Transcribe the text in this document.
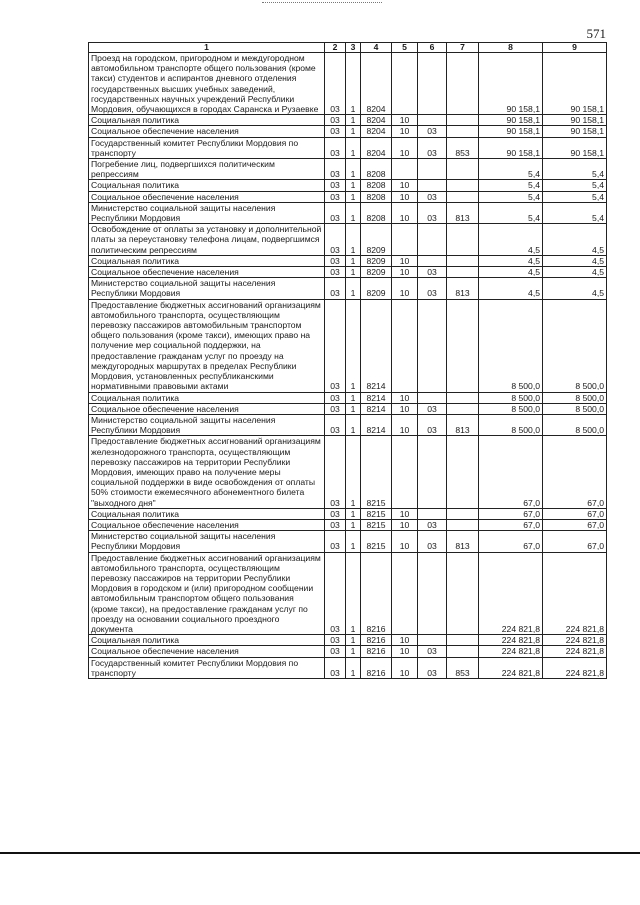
571
1	2	3	4	5	6	7	8	9
Проезд на городском, пригородном и междугородном автомобильном транспорте общего пользования (кроме такси) студентов и аспирантов дневного отделения государственных высших учебных заведений, государственных научных учреждений Республики Мордовия, обучающихся в городах Саранска и Рузаевке	03	1	8204				90 158,1	90 158,1
Социальная политика	03	1	8204	10			90 158,1	90 158,1
Социальное обеспечение населения	03	1	8204	10	03		90 158,1	90 158,1
Государственный комитет Республики Мордовия по транспорту	03	1	8204	10	03	853	90 158,1	90 158,1
Погребение лиц, подвергшихся политическим репрессиям	03	1	8208				5,4	5,4
Социальная политика	03	1	8208	10			5,4	5,4
Социальное обеспечение населения	03	1	8208	10	03		5,4	5,4
Министерство социальной защиты населения Республики Мордовия	03	1	8208	10	03	813	5,4	5,4
Освобождение от оплаты за установку и дополнительной платы за переустановку телефона лицам, подвергшимся политическим репрессиям	03	1	8209				4,5	4,5
Социальная политика	03	1	8209	10			4,5	4,5
Социальное обеспечение населения	03	1	8209	10	03		4,5	4,5
Министерство социальной защиты населения Республики Мордовия	03	1	8209	10	03	813	4,5	4,5
Предоставление бюджетных ассигнований организациям автомобильного транспорта, осуществляющим перевозку пассажиров автомобильным транспортом общего пользования (кроме такси), имеющих право на получение мер социальной поддержки, на предоставление гражданам услуг по проезду на междугородных маршрутах в пределах Республики Мордовия, установленных республиканскими нормативными правовыми актами	03	1	8214				8 500,0	8 500,0
Социальная политика	03	1	8214	10			8 500,0	8 500,0
Социальное обеспечение населения	03	1	8214	10	03		8 500,0	8 500,0
Министерство социальной защиты населения Республики Мордовия	03	1	8214	10	03	813	8 500,0	8 500,0
Предоставление бюджетных ассигнований организациям железнодорожного транспорта, осуществляющим перевозку пассажиров на территории Республики Мордовия, имеющих право на получение меры социальной поддержки в виде освобождения от оплаты 50% стоимости ежемесячного абонементного билета "выходного дня"	03	1	8215				67,0	67,0
Социальная политика	03	1	8215	10			67,0	67,0
Социальное обеспечение населения	03	1	8215	10	03		67,0	67,0
Министерство социальной защиты населения Республики Мордовия	03	1	8215	10	03	813	67,0	67,0
Предоставление бюджетных ассигнований организациям автомобильного транспорта, осуществляющим перевозку пассажиров на территории Республики Мордовия в городском и (или) пригородном сообщении автомобильным транспортом общего пользования (кроме такси), на предоставление гражданам услуг по проезду на основании социального проездного документа	03	1	8216				224 821,8	224 821,8
Социальная политика	03	1	8216	10			224 821,8	224 821,8
Социальное обеспечение населения	03	1	8216	10	03		224 821,8	224 821,8
Государственный комитет Республики Мордовия по транспорту	03	1	8216	10	03	853	224 821,8	224 821,8
